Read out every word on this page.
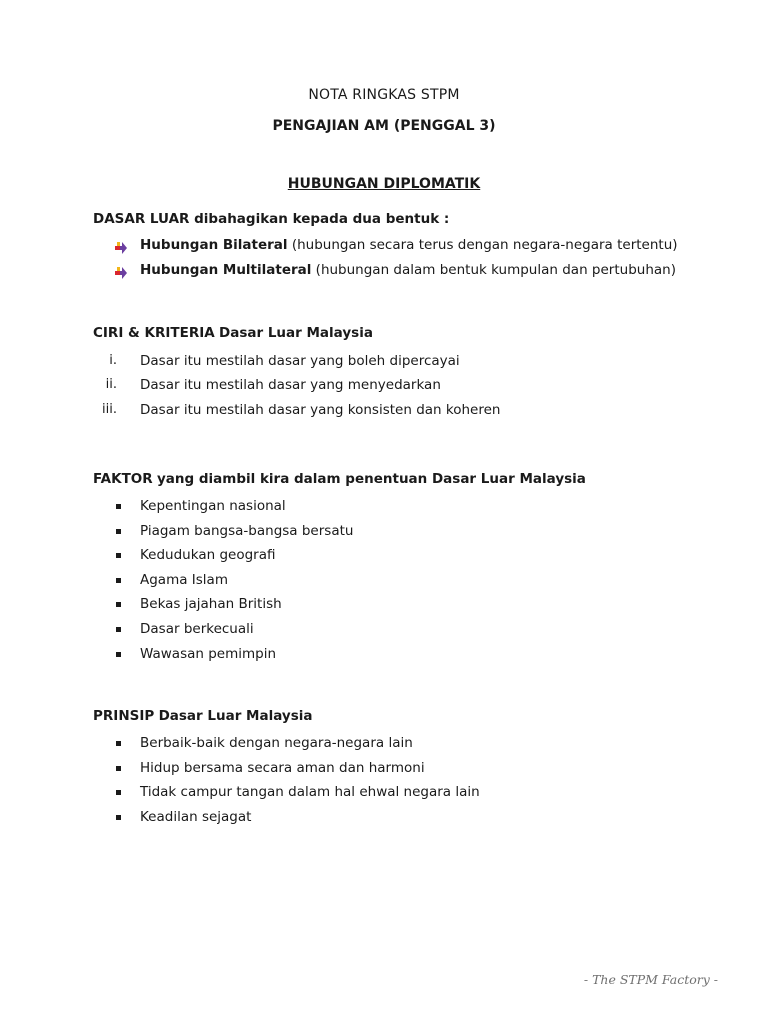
NOTA RINGKAS STPM
PENGAJIAN AM (PENGGAL 3)
HUBUNGAN DIPLOMATIK
DASAR LUAR dibahagikan kepada dua bentuk :
Hubungan Bilateral (hubungan secara terus dengan negara-negara tertentu)
Hubungan Multilateral (hubungan dalam bentuk kumpulan dan pertubuhan)
CIRI & KRITERIA Dasar Luar Malaysia
i. Dasar itu mestilah dasar yang boleh dipercayai
ii. Dasar itu mestilah dasar yang menyedarkan
iii. Dasar itu mestilah dasar yang konsisten dan koheren
FAKTOR yang diambil kira dalam penentuan Dasar Luar Malaysia
Kepentingan nasional
Piagam bangsa-bangsa bersatu
Kedudukan geografi
Agama Islam
Bekas jajahan British
Dasar berkecuali
Wawasan pemimpin
PRINSIP Dasar Luar Malaysia
Berbaik-baik dengan negara-negara lain
Hidup bersama secara aman dan harmoni
Tidak campur tangan dalam hal ehwal negara lain
Keadilan sejagat
- The STPM Factory -
